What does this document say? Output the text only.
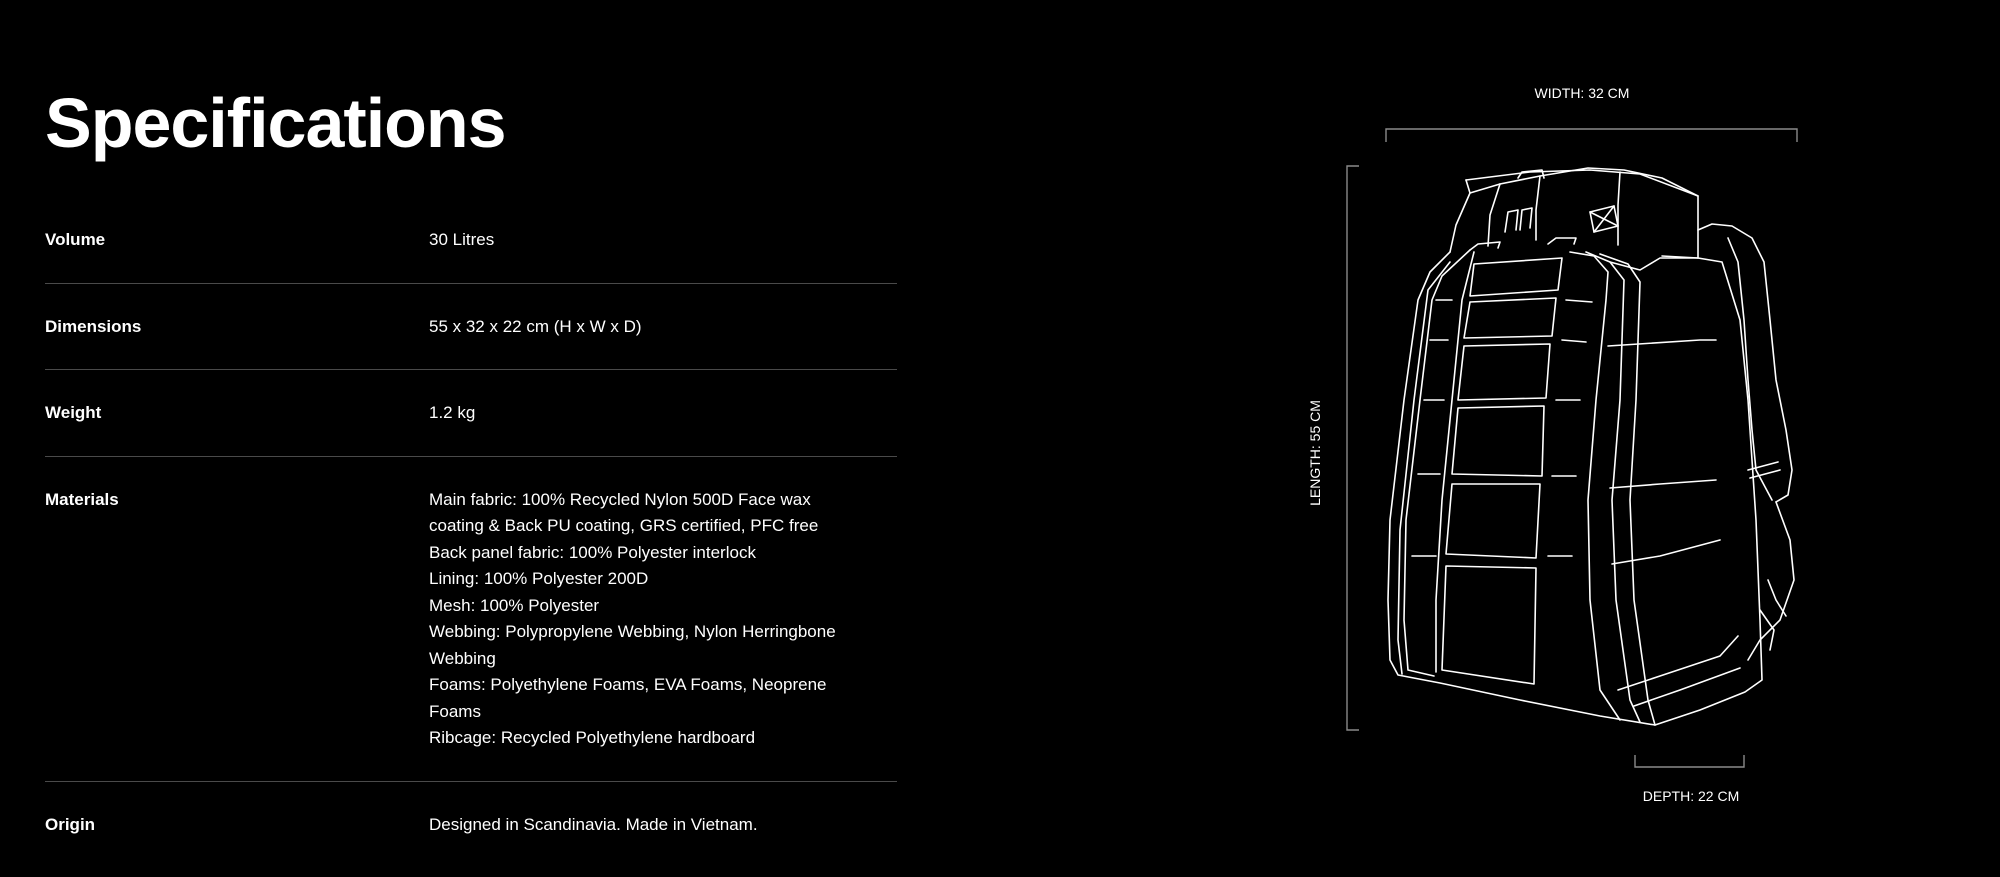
Specifications
Volume	30 Litres
Dimensions	55 x 32 x 22 cm (H x W x D)
Weight	1.2 kg
Materials	Main fabric: 100% Recycled Nylon 500D Face wax coating & Back PU coating, GRS certified, PFC free
Back panel fabric: 100% Polyester interlock
Lining: 100% Polyester 200D
Mesh: 100% Polyester
Webbing: Polypropylene Webbing, Nylon Herringbone Webbing
Foams: Polyethylene Foams, EVA Foams, Neoprene Foams
Ribcage: Recycled Polyethylene hardboard
Origin	Designed in Scandinavia. Made in Vietnam.
WIDTH: 32 CM
LENGTH: 55 CM
DEPTH: 22 CM
